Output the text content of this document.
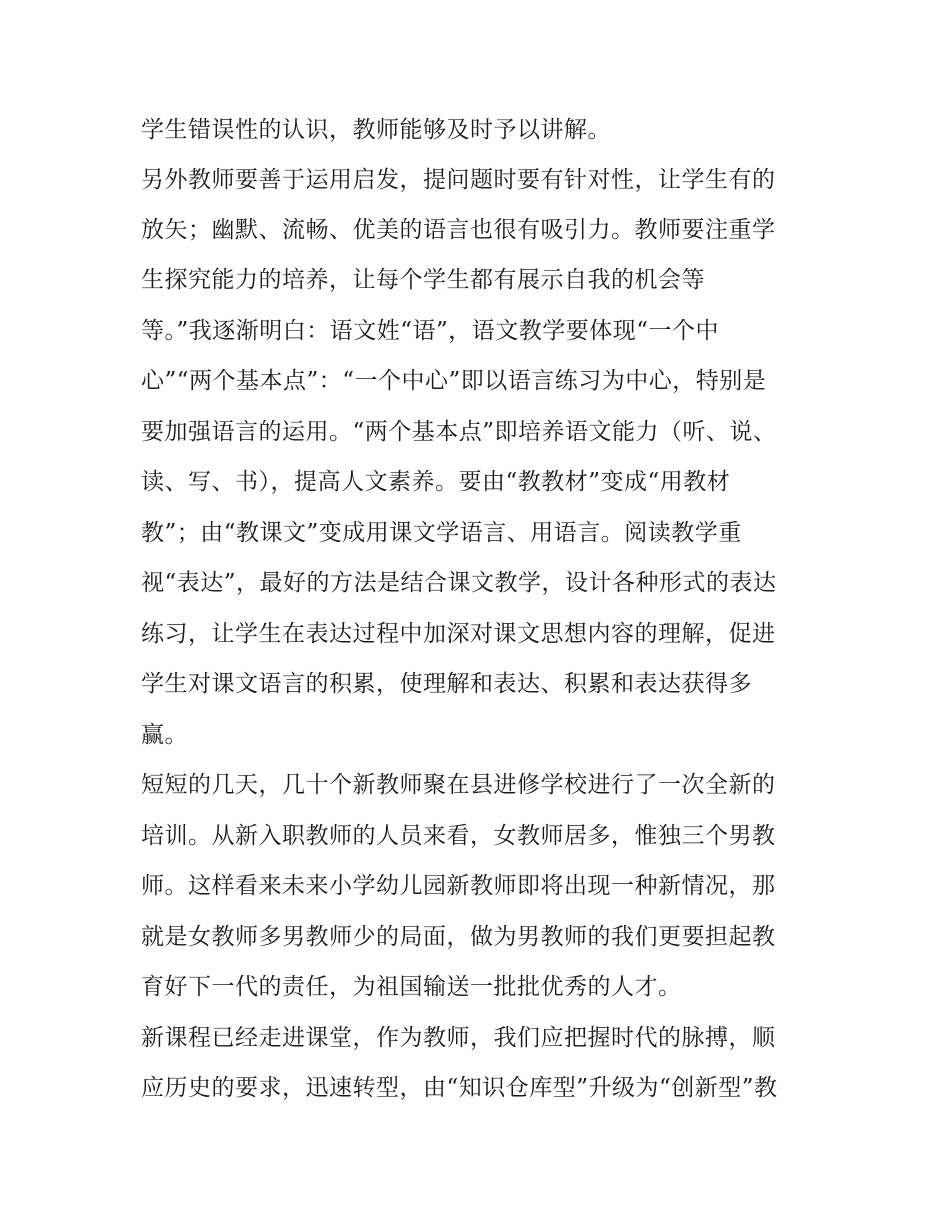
学生错误性的认识，教师能够及时予以讲解。
另外教师要善于运用启发，提问题时要有针对性，让学生有的
放矢；幽默、流畅、优美的语言也很有吸引力。教师要注重学
生探究能力的培养，让每个学生都有展示自我的机会等
等。”我逐渐明白：语文姓“语”，语文教学要体现“一个中
心”“两个基本点”：“一个中心”即以语言练习为中心，特别是
要加强语言的运用。“两个基本点”即培养语文能力（听、说、
读、写、书），提高人文素养。要由“教教材”变成“用教材
教”；由“教课文”变成用课文学语言、用语言。阅读教学重
视“表达”，最好的方法是结合课文教学，设计各种形式的表达
练习，让学生在表达过程中加深对课文思想内容的理解，促进
学生对课文语言的积累，使理解和表达、积累和表达获得多
赢。
短短的几天，几十个新教师聚在县进修学校进行了一次全新的
培训。从新入职教师的人员来看，女教师居多，惟独三个男教
师。这样看来未来小学幼儿园新教师即将出现一种新情况，那
就是女教师多男教师少的局面，做为男教师的我们更要担起教
育好下一代的责任，为祖国输送一批批优秀的人才。
新课程已经走进课堂，作为教师，我们应把握时代的脉搏，顺
应历史的要求，迅速转型，由“知识仓库型”升级为“创新型”教
